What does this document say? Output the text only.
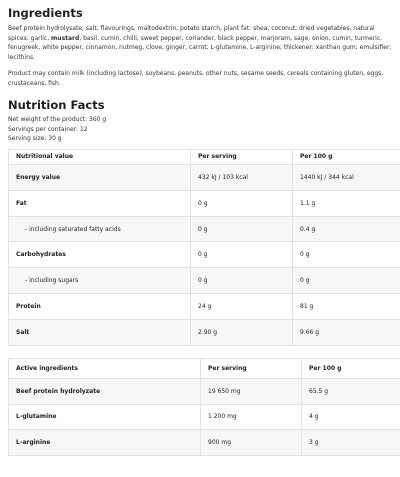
Ingredients

Beef protein hydrolysate; salt, flavourings, maltodextrin, potato starch, plant fat: shea, coconut; dried vegetables, natural spices: garlic, mustard, basil, cumin, chilli, sweet pepper, coriander, black pepper, marjoram, sage, onion, cumin, turmeric, fenugreek, white pepper, cinnamon, nutmeg, clove, ginger, carrot; L-glutamine, L-arginine; thickener: xanthan gum; emulsifier: lecithins.

Product may contain milk (including lactose), soybeans, peanuts, other nuts, sesame seeds, cereals containing gluten, eggs, crustaceans, fish.

Nutrition Facts

Net weight of the product: 360 g

Servings per container: 12

Serving size: 30 g

Nutritional value	Per serving	Per 100 g
Energy value	432 kJ / 103 kcal	1440 kJ / 344 kcal
Fat	0 g	1.1 g
- including saturated fatty acids	0 g	0.4 g
Carbohydrates	0 g	0 g
- including sugars	0 g	0 g
Protein	24 g	81 g
Salt	2.90 g	9.66 g
Active ingredients	Per serving	Per 100 g
Beef protein hydrolyzate	19 650 mg	65.5 g
L-glutamine	1 200 mg	4 g
L-arginine	900 mg	3 g
